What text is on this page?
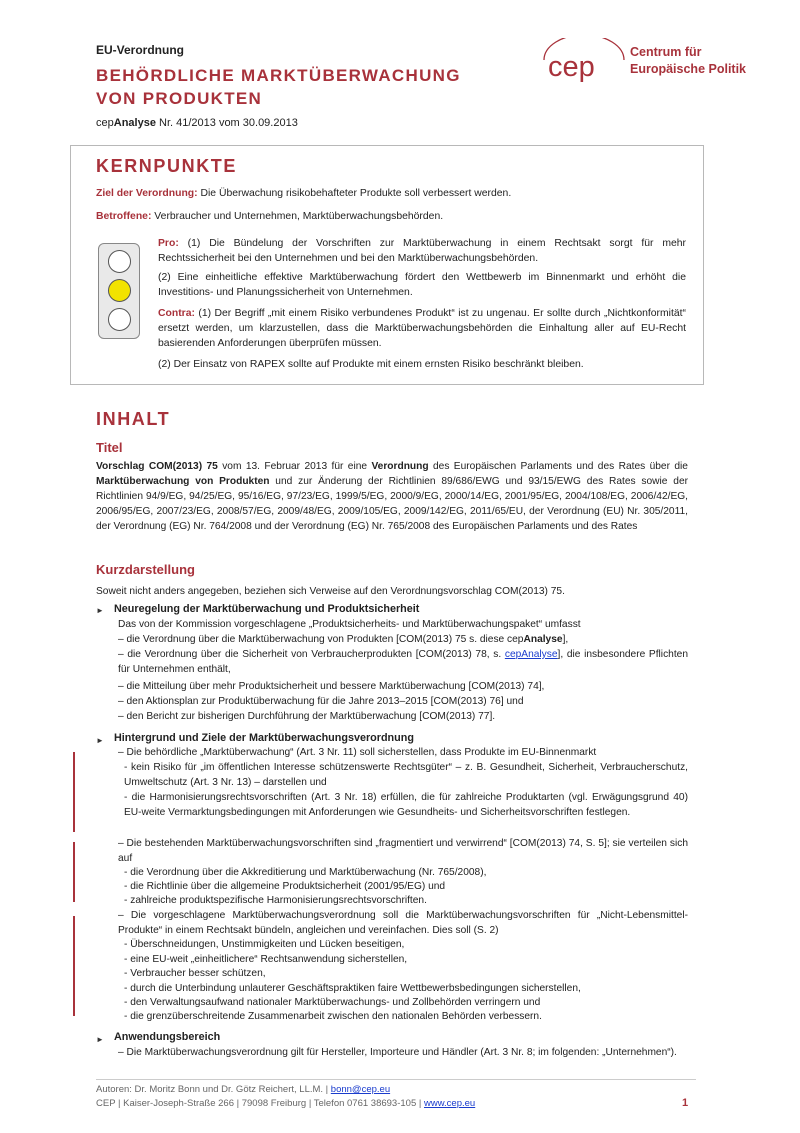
EU-Verordnung
BEHÖRDLICHE MARKTÜBERWACHUNG
VON PRODUKTEN
cepAnalyse Nr. 41/2013 vom 30.09.2013
cep	Centrum für
Europäische Politik
KERNPUNKTE
Ziel der Verordnung: Die Überwachung risikobehafteter Produkte soll verbessert werden.
Betroffene: Verbraucher und Unternehmen, Marktüberwachungsbehörden.
Pro: (1) Die Bündelung der Vorschriften zur Marktüberwachung in einem Rechtsakt sorgt für mehr Rechtssicherheit bei den Unternehmen und bei den Marktüberwachungsbehörden.
(2) Eine einheitliche effektive Marktüberwachung fördert den Wettbewerb im Binnenmarkt und erhöht die Investitions- und Planungssicherheit von Unternehmen.
Contra: (1) Der Begriff „mit einem Risiko verbundenes Produkt“ ist zu ungenau. Er sollte durch „Nichtkonformität“ ersetzt werden, um klarzustellen, dass die Marktüberwachungsbehörden die Einhaltung aller auf EU-Recht basierenden Anforderungen überprüfen müssen.
(2) Der Einsatz von RAPEX sollte auf Produkte mit einem ernsten Risiko beschränkt bleiben.
INHALT
Titel
Vorschlag COM(2013) 75 vom 13. Februar 2013 für eine Verordnung des Europäischen Parlaments und des Rates über die Marktüberwachung von Produkten und zur Änderung der Richtlinien 89/686/EWG und 93/15/EWG des Rates sowie der Richtlinien 94/9/EG, 94/25/EG, 95/16/EG, 97/23/EG, 1999/5/EG, 2000/9/EG, 2000/14/EG, 2001/95/EG, 2004/108/EG, 2006/42/EG, 2006/95/EG, 2007/23/EG, 2008/57/EG, 2009/48/EG, 2009/105/EG, 2009/142/EG, 2011/65/EU, der Verordnung (EU) Nr. 305/2011, der Verordnung (EG) Nr. 764/2008 und der Verordnung (EG) Nr. 765/2008 des Europäischen Parlaments und des Rates
Kurzdarstellung
Soweit nicht anders angegeben, beziehen sich Verweise auf den Verordnungsvorschlag COM(2013) 75.
► Neuregelung der Marktüberwachung und Produktsicherheit
Das von der Kommission vorgeschlagene „Produktsicherheits- und Marktüberwachungspaket“ umfasst
– die Verordnung über die Marktüberwachung von Produkten [COM(2013) 75 s. diese cepAnalyse],
– die Verordnung über die Sicherheit von Verbraucherprodukten [COM(2013) 78, s. cepAnalyse], die insbesondere Pflichten für Unternehmen enthält,
– die Mitteilung über mehr Produktsicherheit und bessere Marktüberwachung [COM(2013) 74],
– den Aktionsplan zur Produktüberwachung für die Jahre 2013–2015 [COM(2013) 76] und
– den Bericht zur bisherigen Durchführung der Marktüberwachung [COM(2013) 77].
► Hintergrund und Ziele der Marktüberwachungsverordnung
– Die behördliche „Marktüberwachung“ (Art. 3 Nr. 11) soll sicherstellen, dass Produkte im EU-Binnenmarkt
- kein Risiko für „im öffentlichen Interesse schützenswerte Rechtsgüter“ – z. B. Gesundheit, Sicherheit, Verbraucherschutz, Umweltschutz (Art. 3 Nr. 13) – darstellen und
- die Harmonisierungsrechtsvorschriften (Art. 3 Nr. 18) erfüllen, die für zahlreiche Produktarten (vgl. Erwägungsgrund 40) EU-weite Vermarktungsbedingungen mit Anforderungen wie Gesundheits- und Sicherheitsvorschriften festlegen.
– Die bestehenden Marktüberwachungsvorschriften sind „fragmentiert und verwirrend“ [COM(2013) 74, S. 5]; sie verteilen sich auf
- die Verordnung über die Akkreditierung und Marktüberwachung (Nr. 765/2008),
- die Richtlinie über die allgemeine Produktsicherheit (2001/95/EG) und
- zahlreiche produktspezifische Harmonisierungsrechtsvorschriften.
– Die vorgeschlagene Marktüberwachungsverordnung soll die Marktüberwachungsvorschriften für „Nicht-Lebensmittel-Produkte“ in einem Rechtsakt bündeln, angleichen und vereinfachen. Dies soll (S. 2)
- Überschneidungen, Unstimmigkeiten und Lücken beseitigen,
- eine EU-weit „einheitlichere“ Rechtsanwendung sicherstellen,
- Verbraucher besser schützen,
- durch die Unterbindung unlauterer Geschäftspraktiken faire Wettbewerbsbedingungen sicherstellen,
- den Verwaltungsaufwand nationaler Marktüberwachungs- und Zollbehörden verringern und
- die grenzüberschreitende Zusammenarbeit zwischen den nationalen Behörden verbessern.
► Anwendungsbereich
– Die Marktüberwachungsverordnung gilt für Hersteller, Importeure und Händler (Art. 3 Nr. 8; im folgenden: „Unternehmen“).
Autoren: Dr. Moritz Bonn und Dr. Götz Reichert, LL.M. | bonn@cep.eu
CEP | Kaiser-Joseph-Straße 266 | 79098 Freiburg | Telefon 0761 38693-105 | www.cep.eu	1
